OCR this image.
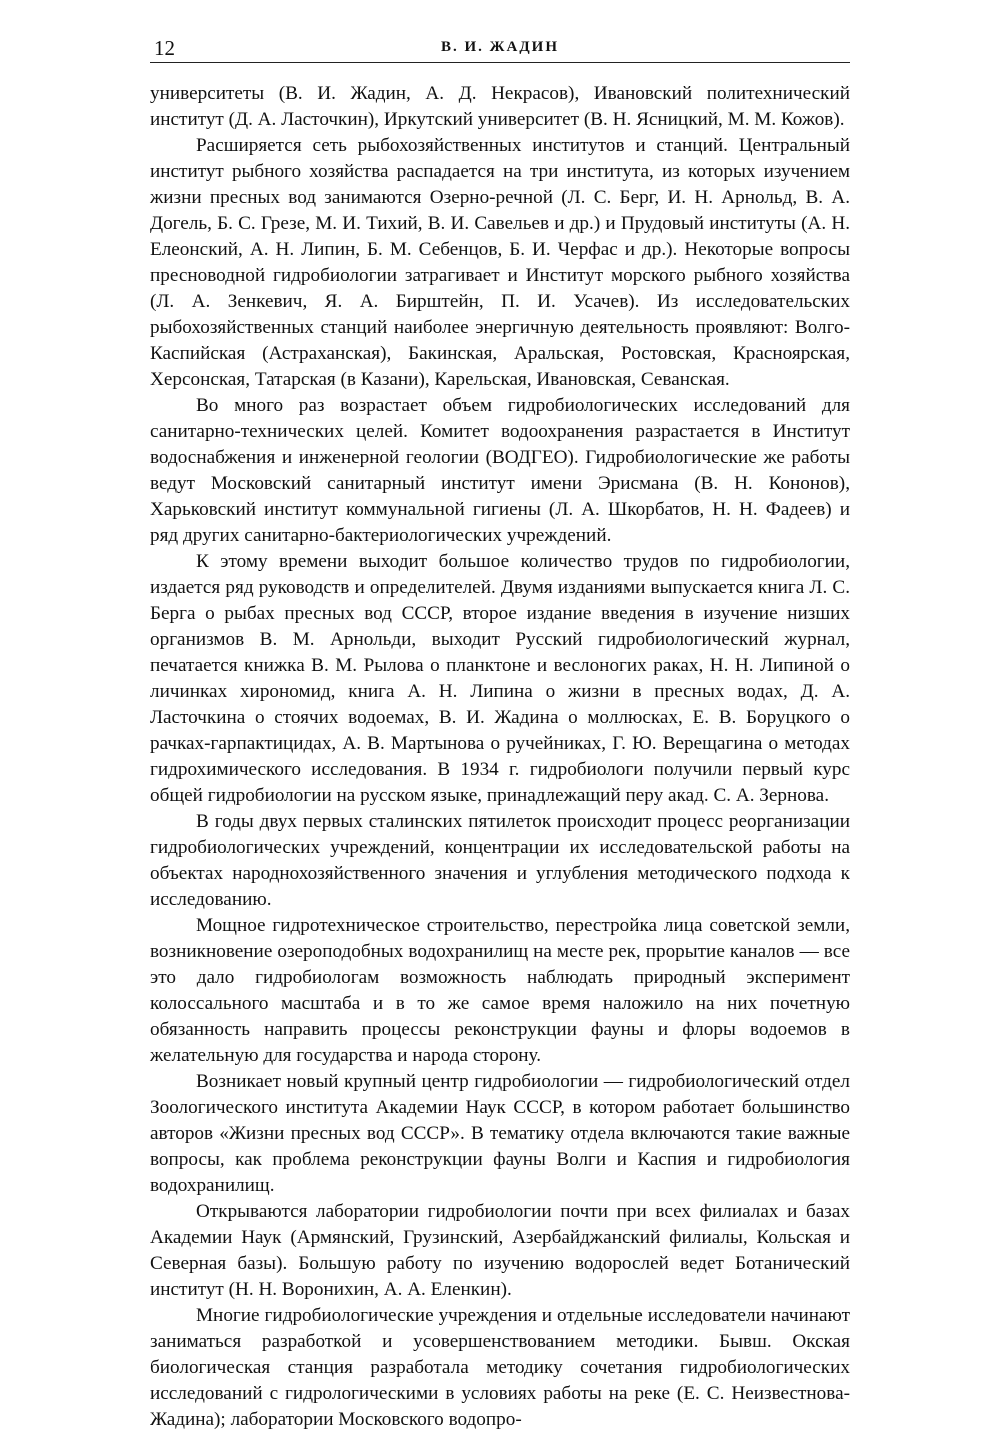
12	В. И. ЖАДИН

университеты (В. И. Жадин, А. Д. Некрасов), Ивановский политехнический институт (Д. А. Ласточкин), Иркутский университет (В. Н. Ясницкий, М. М. Кожов).

Расширяется сеть рыбохозяйственных институтов и станций. Центральный институт рыбного хозяйства распадается на три института, из которых изучением жизни пресных вод занимаются Озерно-речной (Л. С. Берг, И. Н. Арнольд, В. А. Догель, Б. С. Грезе, М. И. Тихий, В. И. Савельев и др.) и Прудовый институты (А. Н. Елеонский, А. Н. Липин, Б. М. Себенцов, Б. И. Черфас и др.). Некоторые вопросы пресноводной гидробиологии затрагивает и Институт морского рыбного хозяйства (Л. А. Зенкевич, Я. А. Бирштейн, П. И. Усачев). Из исследовательских рыбохозяйственных станций наиболее энергичную деятельность проявляют: Волго-Каспийская (Астраханская), Бакинская, Аральская, Ростовская, Красноярская, Херсонская, Татарская (в Казани), Карельская, Ивановская, Севанская.

Во много раз возрастает объем гидробиологических исследований для санитарно-технических целей. Комитет водоохранения разрастается в Институт водоснабжения и инженерной геологии (ВОДГЕО). Гидробиологические же работы ведут Московский санитарный институт имени Эрисмана (В. Н. Кононов), Харьковский институт коммунальной гигиены (Л. А. Шкорбатов, Н. Н. Фадеев) и ряд других санитарно-бактериологических учреждений.

К этому времени выходит большое количество трудов по гидробиологии, издается ряд руководств и определителей. Двумя изданиями выпускается книга Л. С. Берга о рыбах пресных вод СССР, второе издание введения в изучение низших организмов В. М. Арнольди, выходит Русский гидробиологический журнал, печатается книжка В. М. Рылова о планктоне и веслоногих раках, Н. Н. Липиной о личинках хирономид, книга А. Н. Липина о жизни в пресных водах, Д. А. Ласточкина о стоячих водоемах, В. И. Жадина о моллюсках, Е. В. Боруцкого о рачках-гарпактицидах, А. В. Мартынова о ручейниках, Г. Ю. Верещагина о методах гидрохимического исследования. В 1934 г. гидробиологи получили первый курс общей гидробиологии на русском языке, принадлежащий перу акад. С. А. Зернова.

В годы двух первых сталинских пятилеток происходит процесс реорганизации гидробиологических учреждений, концентрации их исследовательской работы на объектах народнохозяйственного значения и углубления методического подхода к исследованию.

Мощное гидротехническое строительство, перестройка лица советской земли, возникновение озероподобных водохранилищ на месте рек, прорытие каналов — все это дало гидробиологам возможность наблюдать природный эксперимент колоссального масштаба и в то же самое время наложило на них почетную обязанность направить процессы реконструкции фауны и флоры водоемов в желательную для государства и народа сторону.

Возникает новый крупный центр гидробиологии — гидробиологический отдел Зоологического института Академии Наук СССР, в котором работает большинство авторов «Жизни пресных вод СССР». В тематику отдела включаются такие важные вопросы, как проблема реконструкции фауны Волги и Каспия и гидробиология водохранилищ.

Открываются лаборатории гидробиологии почти при всех филиалах и базах Академии Наук (Армянский, Грузинский, Азербайджанский филиалы, Кольская и Северная базы). Большую работу по изучению водорослей ведет Ботанический институт (Н. Н. Воронихин, А. А. Еленкин).

Многие гидробиологические учреждения и отдельные исследователи начинают заниматься разработкой и усовершенствованием методики. Бывш. Окская биологическая станция разработала методику сочетания гидробиологических исследований с гидрологическими в условиях работы на реке (Е. С. Неизвестнова-Жадина); лаборатории Московского водопро-
